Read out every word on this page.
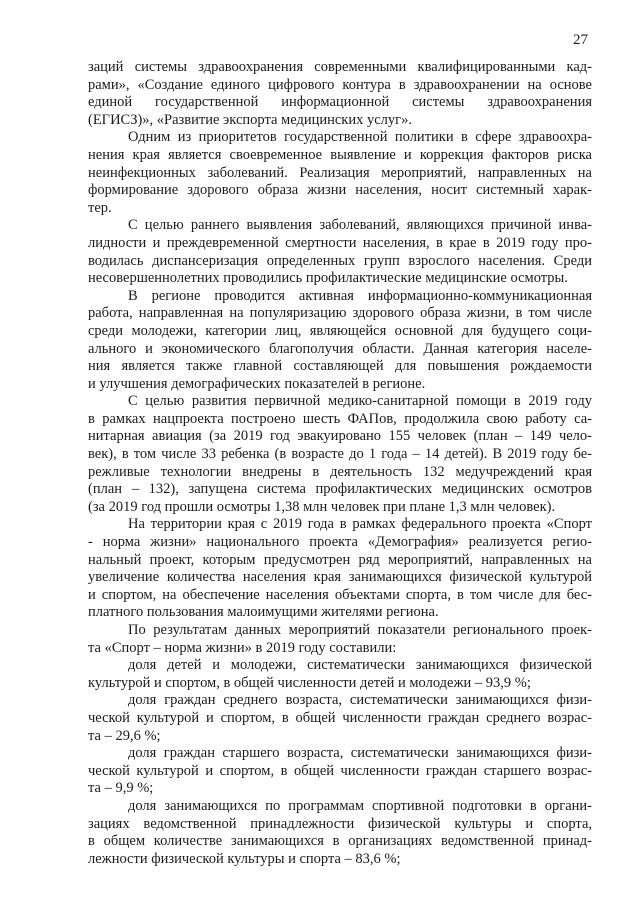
27
заций системы здравоохранения современными квалифицированными кад-
рами», «Создание единого цифрового контура в здравоохранении на основе
единой государственной информационной системы здравоохранения
(ЕГИСЗ)», «Развитие экспорта медицинских услуг».
Одним из приоритетов государственной политики в сфере здравоохра-
нения края является своевременное выявление и коррекция факторов риска
неинфекционных заболеваний. Реализация мероприятий, направленных на
формирование здорового образа жизни населения, носит системный харак-
тер.
С целью раннего выявления заболеваний, являющихся причиной инва-
лидности и преждевременной смертности населения, в крае в 2019 году про-
водилась диспансеризация определенных групп взрослого населения. Среди
несовершеннолетних проводились профилактические медицинские осмотры.
В регионе проводится активная информационно-коммуникационная
работа, направленная на популяризацию здорового образа жизни, в том числе
среди молодежи, категории лиц, являющейся основной для будущего соци-
ального и экономического благополучия области. Данная категория населе-
ния является также главной составляющей для повышения рождаемости
и улучшения демографических показателей в регионе.
С целью развития первичной медико-санитарной помощи в 2019 году
в рамках нацпроекта построено шесть ФАПов, продолжила свою работу са-
нитарная авиация (за 2019 год эвакуировано 155 человек (план – 149 чело-
век), в том числе 33 ребенка (в возрасте до 1 года – 14 детей). В 2019 году бе-
режливые технологии внедрены в деятельность 132 медучреждений края
(план – 132), запущена система профилактических медицинских осмотров
(за 2019 год прошли осмотры 1,38 млн человек при плане 1,3 млн человек).
На территории края с 2019 года в рамках федерального проекта «Спорт
- норма жизни» национального проекта «Демография» реализуется регио-
нальный проект, которым предусмотрен ряд мероприятий, направленных на
увеличение количества населения края занимающихся физической культурой
и спортом, на обеспечение населения объектами спорта, в том числе для бес-
платного пользования малоимущими жителями региона.
По результатам данных мероприятий показатели регионального проек-
та «Спорт – норма жизни» в 2019 году составили:
доля детей и молодежи, систематически занимающихся физической
культурой и спортом, в общей численности детей и молодежи – 93,9 %;
доля граждан среднего возраста, систематически занимающихся физи-
ческой культурой и спортом, в общей численности граждан среднего возрас-
та – 29,6 %;
доля граждан старшего возраста, систематически занимающихся физи-
ческой культурой и спортом, в общей численности граждан старшего возрас-
та – 9,9 %;
доля занимающихся по программам спортивной подготовки в органи-
зациях ведомственной принадлежности физической культуры и спорта,
в общем количестве занимающихся в организациях ведомственной принад-
лежности физической культуры и спорта – 83,6 %;
